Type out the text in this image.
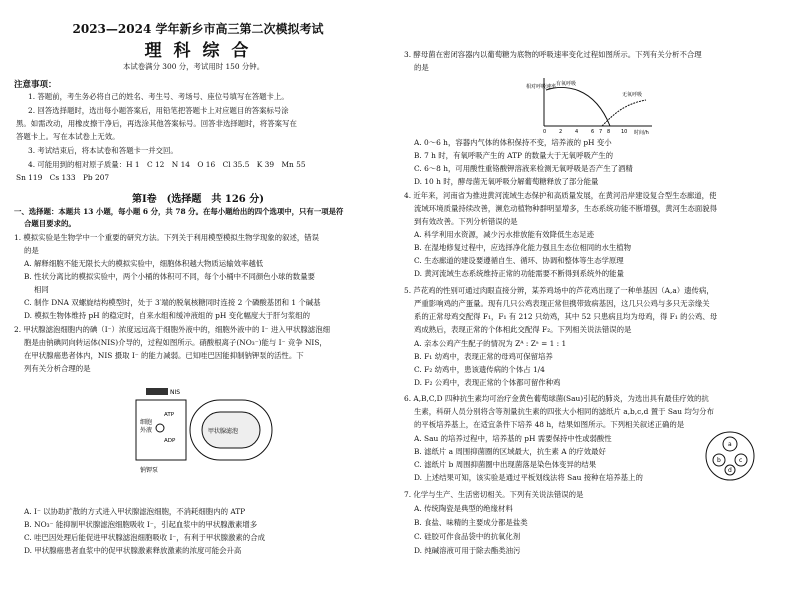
2023—2024 学年新乡市高三第二次模拟考试
理 科 综 合
本试卷满分 300 分，考试用时 150 分钟。
注意事项：
1. 答题前，考生务必将自己的姓名、考生号、考场号、座位号填写在答题卡上。
2. 回答选择题时，选出每小题答案后，用铅笔把答题卡上对应题目的答案标号涂
黑。如需改动，用橡皮擦干净后，再选涂其他答案标号。回答非选择题时，将答案写在
答题卡上。写在本试卷上无效。
3. 考试结束后，将本试卷和答题卡一并交回。
4. 可能用到的相对原子质量：H 1　C 12　N 14　O 16　Cl 35.5　K 39　Mn 55
Sn 119　Cs 133　Pb 207
第Ⅰ卷　(选择题　共 126 分)
一、选择题：本题共 13 小题，每小题 6 分，共 78 分。在每小题给出的四个选项中，只有一项是符
合题目要求的。
1. 模拟实验是生物学中一个重要的研究方法。下列关于利用模型模拟生物学现象的叙述，错误
的是
A. 解释细胞不能无限长大的模拟实验中，细胞体积越大物质运输效率越低
B. 性状分离比的模拟实验中，两个小桶的体积可不同，每个小桶中不同颜色小球的数量要
相同
C. 制作 DNA 双螺旋结构模型时，处于 3′端的脱氧核糖同时连接 2 个磷酸基团和 1 个碱基
D. 模拟生物体维持 pH 的稳定时，自来水组和缓冲液组的 pH 变化幅度大于肝匀浆组的
2. 甲状腺滤泡细胞内的碘（I⁻）浓度远远高于细胞外液中的，细胞外液中的 I⁻ 进入甲状腺滤泡细
胞是由钠碘同向转运体(NIS)介导的，过程如图所示。硝酸根离子(NO₃⁻)能与 I⁻ 竞争 NIS，
在甲状腺癌患者体内，NIS 摄取 I⁻ 的能力减弱。已知哇巴因能抑制钠钾泵的活性。下
列有关分析合理的是
NIS
细胞
外液
ATP
ADP
甲状腺滤泡
钠钾泵
A. I⁻ 以协助扩散的方式进入甲状腺滤泡细胞，不消耗细胞内的 ATP
B. NO₃⁻ 能抑制甲状腺滤泡细胞吸收 I⁻，引起血浆中的甲状腺激素增多
C. 哇巴因处理后能促进甲状腺滤泡细胞吸收 I⁻，有利于甲状腺激素的合成
D. 甲状腺癌患者血浆中的促甲状腺激素释放激素的浓度可能会升高
3. 酵母菌在密闭容器内以葡萄糖为底物的呼吸速率变化过程如图所示。下列有关分析不合理
的是
相对呼吸速率
时间/h
有氧呼吸
无氧呼吸
0	2	4	6 7 8 10
A. 0～6 h，容器内气体的体积保持不变，培养液的 pH 变小
B. 7 h 时，有氧呼吸产生的 ATP 的数量大于无氧呼吸产生的
C. 6～8 h，可用酸性重铬酸钾溶液来检测无氧呼吸是否产生了酒精
D. 10 h 时，酵母菌无氧呼吸分解葡萄糖释放了部分能量
4. 近年来，河南省为推进黄河流域生态保护和高质量发展，在黄河沿岸建设复合型生态廊道，使
流域环境质量持续改善，濒危动植物种群明显增多，生态系统功能不断增强，黄河生态面貌得
到有效改善。下列分析错误的是
A. 科学利用水资源，减少污水排放能有效降低生态足迹
B. 在湿地修复过程中，应选择净化能力强且生态位相同的水生植物
C. 生态廊道的建设要遵循自生、循环、协调和整体等生态学原理
D. 黄河流域生态系统维持正常的功能需要不断得到系统外的能量
5. 芦花鸡的性别可通过肉眼直接分辨，某养鸡场中的芦花鸡出现了一种单基因（A,a）遗传病，
严重影响鸡的产蛋量。现有几只公鸡表现正常但携带致病基因，这几只公鸡与多只无亲缘关
系的正常母鸡交配得 F₁，F₁ 有 212 只幼鸡，其中 52 只患病且均为母鸡，得 F₁ 的公鸡、母
鸡成熟后，表现正常的个体相此交配得 F₂。下列相关说法错误的是
A. 亲本公鸡产生配子的情况为 Zᴬ : Zᵃ = 1 : 1
B. F₁ 幼鸡中，表现正常的母鸡可保留培养
C. F₂ 幼鸡中，患该遗传病的个体占 1/4
D. F₂ 公鸡中，表现正常的个体都可留作种鸡
6. A,B,C,D 四种抗生素均可治疗金黄色葡萄球菌(Sau)引起的肺炎，为选出具有最佳疗效的抗
生素，科研人员分别将含等剂量抗生素的四张大小相同的滤纸片 a,b,c,d 置于 Sau 均匀分布
的平板培养基上，在适宜条件下培养 48 h，结果如图所示。下列相关叙述正确的是
A. Sau 的培养过程中，培养基的 pH 需要保持中性或弱酸性
B. 滤纸片 a 周围抑菌圈的区域最大，抗生素 A 的疗效最好
C. 滤纸片 b 周围抑菌圈中出现菌落是染色体变异的结果
D. 上述结果可知，该实验是通过平板划线法将 Sau 接种在培养基上的
a
b	c
d
7. 化学与生产、生活密切相关。下列有关说法错误的是
A. 传统陶瓷是典型的绝缘材料
B. 食盐、味精的主要成分都是盐类
C. 硅胶可作食品袋中的抗氧化剂
D. 纯碱溶液可用于除去酯类油污
